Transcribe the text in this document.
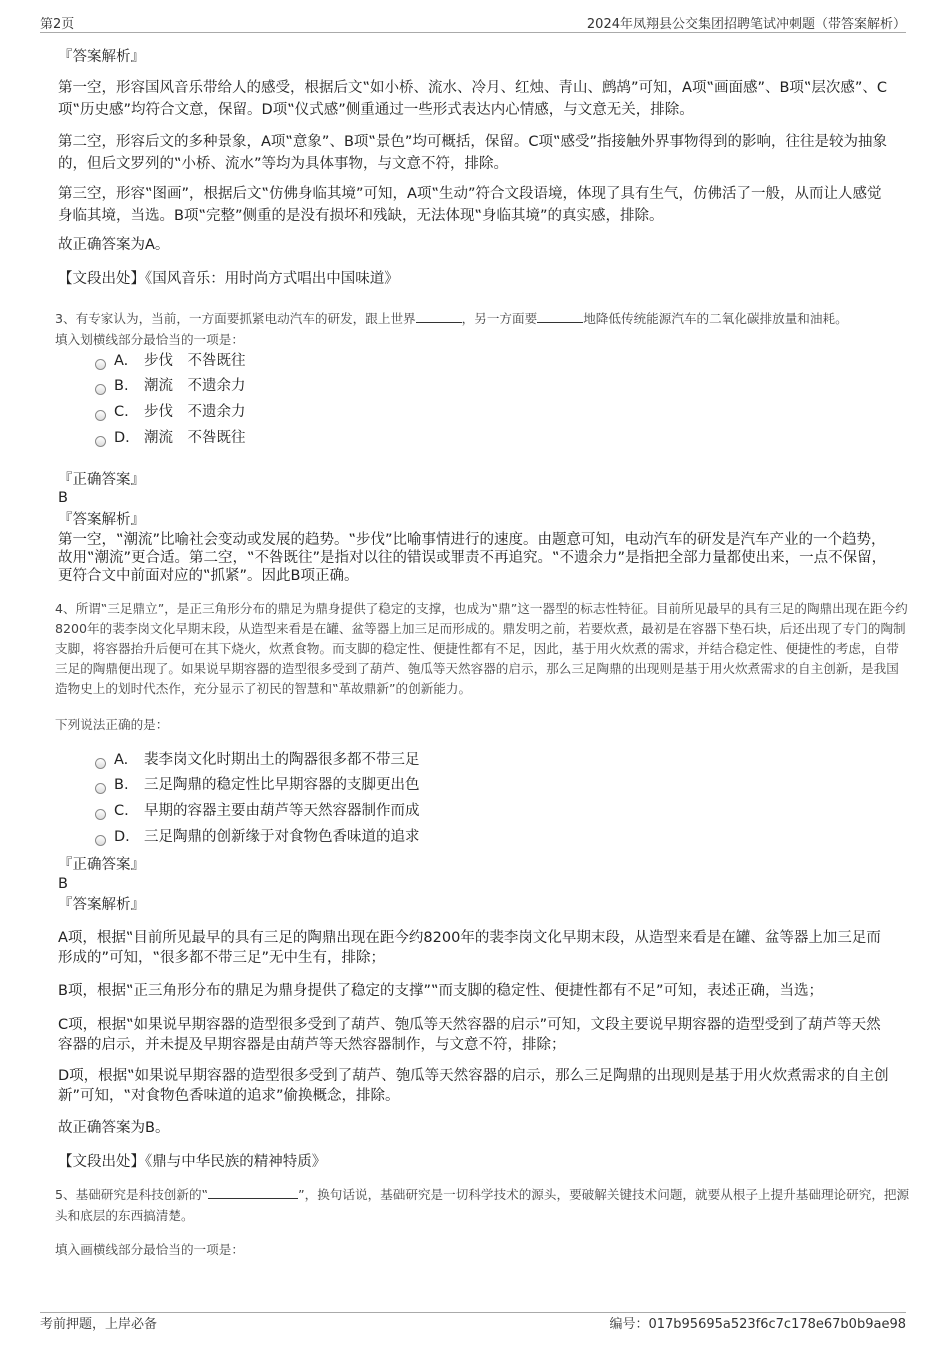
第2页	2024年凤翔县公交集团招聘笔试冲刺题（带答案解析）
『答案解析』
第一空，形容国风音乐带给人的感受，根据后文‟如小桥、流水、冷月、红烛、青山、鹧鸪”可知，A项‟画面感”、B项‟层次感”、C项‟历史感”均符合文意，保留。D项‟仪式感”侧重通过一些形式表达内心情感，与文意无关，排除。
第二空，形容后文的多种景象，A项‟意象”、B项‟景色”均可概括，保留。C项‟感受”指接触外界事物得到的影响，往往是较为抽象的，但后文罗列的‟小桥、流水”等均为具体事物，与文意不符，排除。
第三空，形容‟图画”，根据后文‟仿佛身临其境”可知，A项‟生动”符合文段语境，体现了具有生气，仿佛活了一般，从而让人感觉身临其境，当选。B项‟完整”侧重的是没有损坏和残缺，无法体现‟身临其境”的真实感，排除。
故正确答案为A。
【文段出处】《国风音乐：用时尚方式唱出中国味道》
3、有专家认为，当前，一方面要抓紧电动汽车的研发，跟上世界	，另一方面要	地降低传统能源汽车的二氧化碳排放量和油耗。
填入划横线部分最恰当的一项是：
A.	步伐　不咎既往
B.	潮流　不遗余力
C.	步伐　不遗余力
D. 潮流　不咎既往
『正确答案』
B
『答案解析』
第一空，‟潮流”比喻社会变动或发展的趋势。‟步伐”比喻事情进行的速度。由题意可知，电动汽车的研发是汽车产业的一个趋势，故用‟潮流”更合适。第二空，‟不咎既往”是指对以往的错误或罪责不再追究。‟不遗余力”是指把全部力量都使出来，一点不保留，更符合文中前面对应的‟抓紧”。因此B项正确。
4、所谓‟三足鼎立”，是正三角形分布的鼎足为鼎身提供了稳定的支撑，也成为‟鼎”这一器型的标志性特征。目前所见最早的具有三足的陶鼎出现在距今约8200年的裴李岗文化早期末段，从造型来看是在罐、盆等器上加三足而形成的。鼎发明之前，若要炊煮，最初是在容器下垫石块，后还出现了专门的陶制支脚，将容器抬升后便可在其下烧火，炊煮食物。而支脚的稳定性、便捷性都有不足，因此，基于用火炊煮的需求，并结合稳定性、便捷性的考虑，自带三足的陶鼎便出现了。如果说早期容器的造型很多受到了葫芦、匏瓜等天然容器的启示，那么三足陶鼎的出现则是基于用火炊煮需求的自主创新，是我国造物史上的划时代杰作，充分显示了初民的智慧和‟革故鼎新”的创新能力。
下列说法正确的是：
A.	裴李岗文化时期出土的陶器很多都不带三足
B.	三足陶鼎的稳定性比早期容器的支脚更出色
C.	早期的容器主要由葫芦等天然容器制作而成
D. 三足陶鼎的创新缘于对食物色香味道的追求
『正确答案』
B
『答案解析』
A项，根据‟目前所见最早的具有三足的陶鼎出现在距今约8200年的裴李岗文化早期末段，从造型来看是在罐、盆等器上加三足而形成的”可知，‟很多都不带三足”无中生有，排除；
B项，根据‟正三角形分布的鼎足为鼎身提供了稳定的支撑”‟而支脚的稳定性、便捷性都有不足”可知，表述正确，当选；
C项，根据‟如果说早期容器的造型很多受到了葫芦、匏瓜等天然容器的启示”可知，文段主要说早期容器的造型受到了葫芦等天然容器的启示，并未提及早期容器是由葫芦等天然容器制作，与文意不符，排除；
D项，根据‟如果说早期容器的造型很多受到了葫芦、匏瓜等天然容器的启示，那么三足陶鼎的出现则是基于用火炊煮需求的自主创新”可知，‟对食物色香味道的追求”偷换概念，排除。
故正确答案为B。
【文段出处】《鼎与中华民族的精神特质》
5、基础研究是科技创新的‟	”，换句话说，基础研究是一切科学技术的源头，要破解关键技术问题，就要从根子上提升基础理论研究，把源头和底层的东西搞清楚。
填入画横线部分最恰当的一项是：
考前押题，上岸必备	编号：017b95695a523f6c7c178e67b0b9ae98
